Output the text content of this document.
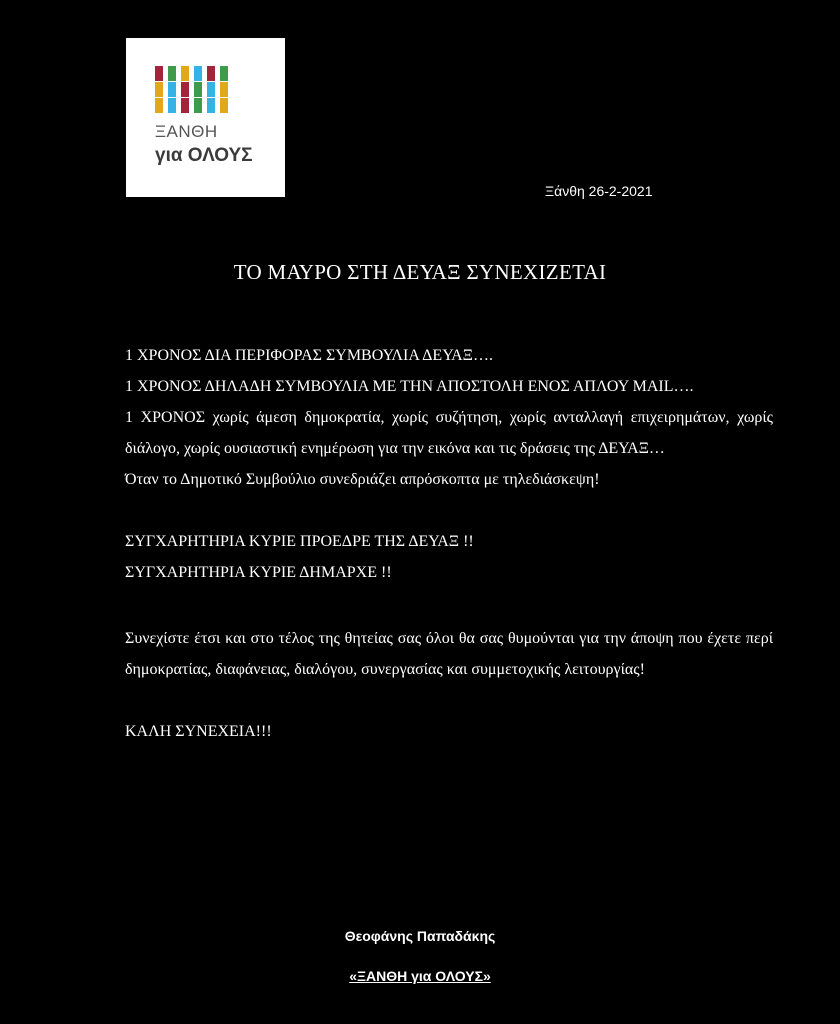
ΞΑΝΘΗ
για ΟΛΟΥΣ
Ξάνθη 26-2-2021
ΤΟ ΜΑΥΡΟ ΣΤΗ ΔΕΥΑΞ ΣΥΝΕΧΙΖΕΤΑΙ

1 ΧΡΟΝΟΣ ΔΙΑ ΠΕΡΙΦΟΡΑΣ ΣΥΜΒΟΥΛΙΑ ΔΕΥΑΞ….

1 ΧΡΟΝΟΣ ΔΗΛΑΔΗ ΣΥΜΒΟΥΛΙΑ ΜΕ ΤΗΝ ΑΠΟΣΤΟΛΗ ΕΝΟΣ ΑΠΛΟΥ MAIL….

1 ΧΡΟΝΟΣ χωρίς άμεση δημοκρατία, χωρίς συζήτηση, χωρίς ανταλλαγή επιχειρημάτων, χωρίς διάλογο, χωρίς ουσιαστική ενημέρωση για την εικόνα και τις δράσεις της ΔΕΥΑΞ…

Όταν το Δημοτικό Συμβούλιο συνεδριάζει απρόσκοπτα με τηλεδιάσκεψη!

ΣΥΓΧΑΡΗΤΗΡΙΑ ΚΥΡΙΕ ΠΡΟΕΔΡΕ ΤΗΣ ΔΕΥΑΞ !!

ΣΥΓΧΑΡΗΤΗΡΙΑ ΚΥΡΙΕ ΔΗΜΑΡΧΕ !!

Συνεχίστε έτσι και στο τέλος της θητείας σας όλοι θα σας θυμούνται για την άποψη που έχετε περί δημοκρατίας, διαφάνειας, διαλόγου, συνεργασίας και συμμετοχικής λειτουργίας!

ΚΑΛΗ ΣΥΝΕΧΕΙΑ!!!

Θεοφάνης Παπαδάκης
«ΞΑΝΘΗ για ΟΛΟΥΣ»
